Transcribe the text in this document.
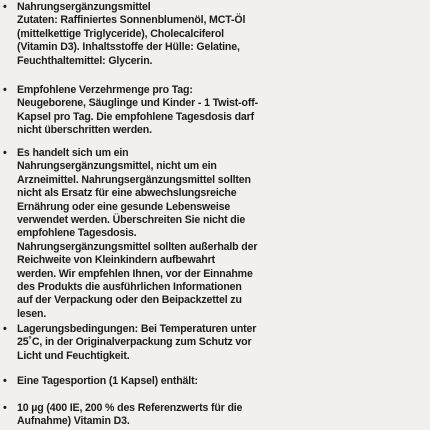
• Nahrungsergänzungsmittel
Zutaten: Raffiniertes Sonnenblumenöl, MCT-Öl
(mittelkettige Triglyceride), Cholecalciferol
(Vitamin D3). Inhaltsstoffe der Hülle: Gelatine,
Feuchthaltemittel: Glycerin.
• Empfohlene Verzehrmenge pro Tag:
Neugeborene, Säuglinge und Kinder - 1 Twist-off-
Kapsel pro Tag. Die empfohlene Tagesdosis darf
nicht überschritten werden.
• Es handelt sich um ein
Nahrungsergänzungsmittel, nicht um ein
Arzneimittel. Nahrungsergänzungsmittel sollten
nicht als Ersatz für eine abwechslungsreiche
Ernährung oder eine gesunde Lebensweise
verwendet werden. Überschreiten Sie nicht die
empfohlene Tagesdosis.
Nahrungsergänzungsmittel sollten außerhalb der
Reichweite von Kleinkindern aufbewahrt
werden. Wir empfehlen Ihnen, vor der Einnahme
des Produkts die ausführlichen Informationen
auf der Verpackung oder den Beipackzettel zu
lesen.
• Lagerungsbedingungen: Bei Temperaturen unter
25˚C, in der Originalverpackung zum Schutz vor
Licht und Feuchtigkeit.
• Eine Tagesportion (1 Kapsel) enthält:
• 10 µg (400 IE, 200 % des Referenzwerts für die
Aufnahme) Vitamin D3.
